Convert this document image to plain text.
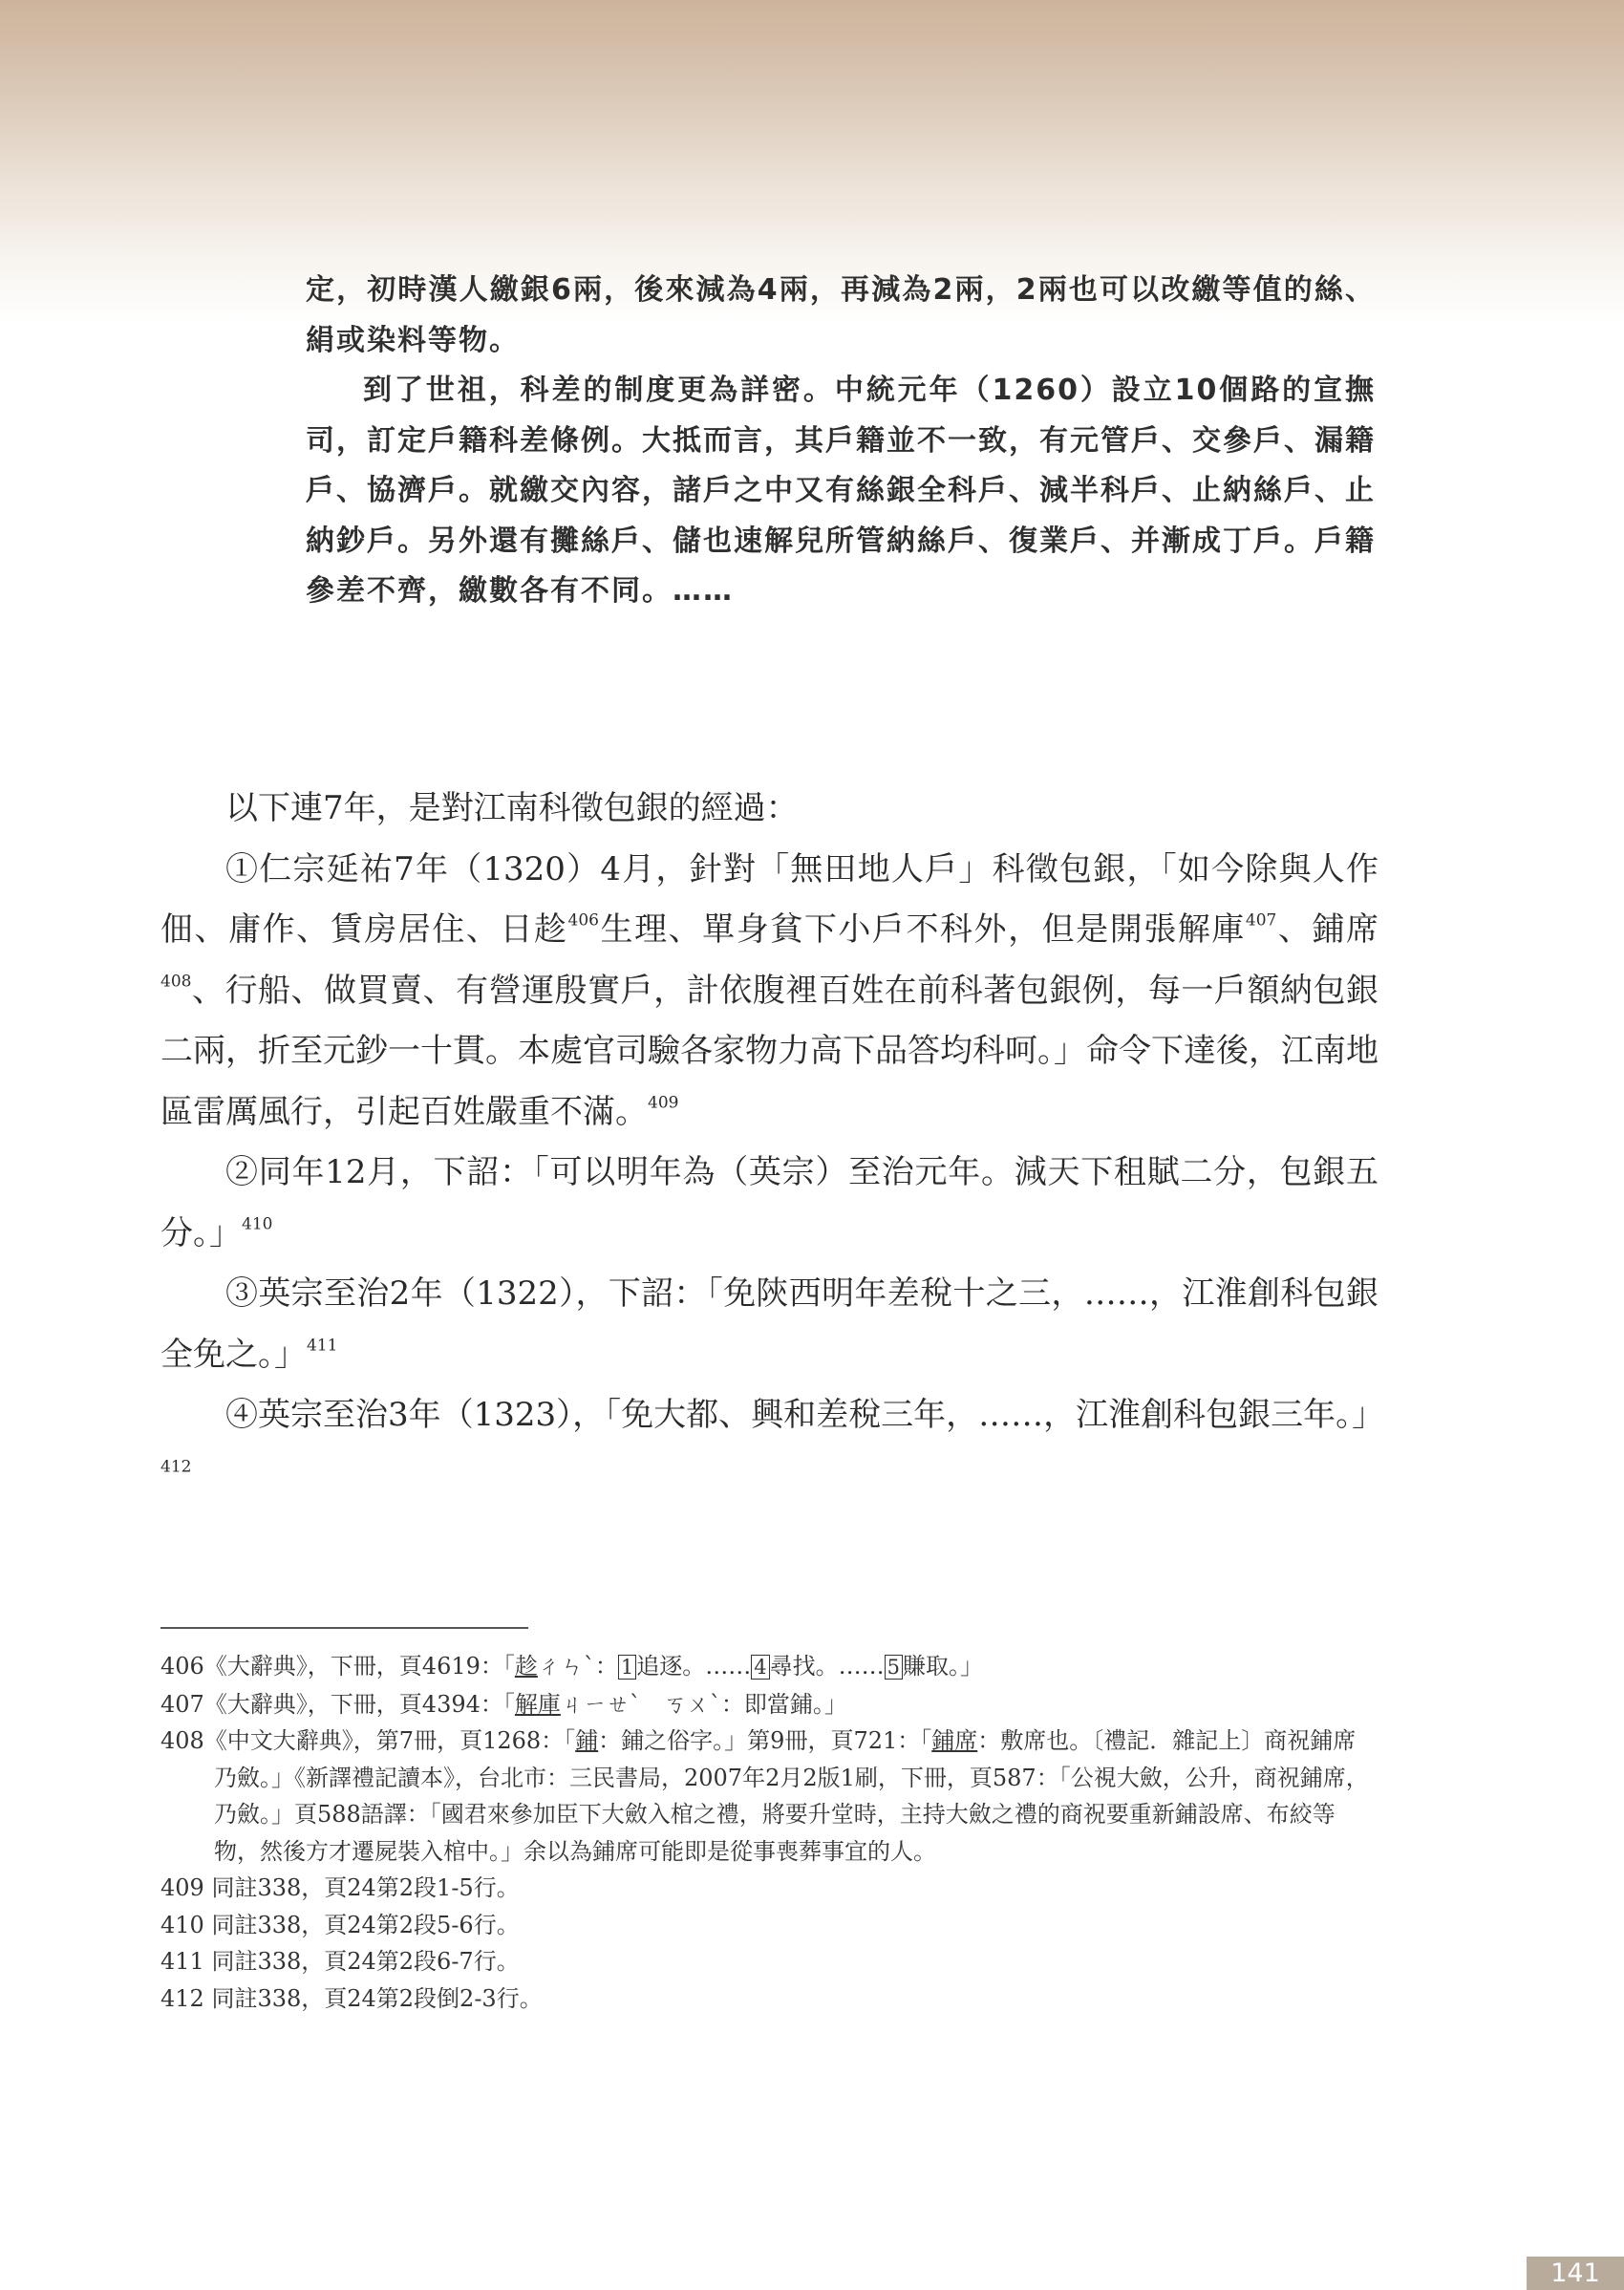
定，初時漢人繳銀6兩，後來減為4兩，再減為2兩，2兩也可以改繳等值的絲、絹或染料等物。

到了世祖，科差的制度更為詳密。中統元年（1260）設立10個路的宣撫司，訂定戶籍科差條例。大抵而言，其戶籍並不一致，有元管戶、交參戶、漏籍戶、協濟戶。就繳交內容，諸戶之中又有絲銀全科戶、減半科戶、止納絲戶、止納鈔戶。另外還有攤絲戶、儲也速解兒所管納絲戶、復業戶、并漸成丁戶。戶籍參差不齊，繳數各有不同。……

以下連7年，是對江南科徵包銀的經過：

①仁宗延祐7年（1320）4月，針對「無田地人戶」科徵包銀，「如今除與人作佃、庸作、賃房居住、日趁$^{406}$生理、單身貧下小戶不科外，但是開張解庫$^{407}$、鋪席$^{408}$、行船、做買賣、有營運殷實戶，計依腹裡百姓在前科著包銀例，每一戶額納包銀二兩，折至元鈔一十貫。本處官司驗各家物力高下品答均科呵。」命令下達後，江南地區雷厲風行，引起百姓嚴重不滿。$^{409}$

②同年12月，下詔：「可以明年為（英宗）至治元年。減天下租賦二分，包銀五分。」$^{410}$

③英宗至治2年（1322），下詔：「免陝西明年差稅十之三，……，江淮創科包銀全免之。」$^{411}$

④英宗至治3年（1323），「免大都、興和差稅三年，……，江淮創科包銀三年。」$^{412}$

406《大辭典》，下冊，頁4619：「趁ㄔㄣˋ： 1 追逐。…… 4 尋找。…… 5 賺取。」

407《大辭典》，下冊，頁4394：「解庫ㄐㄧㄝˋ　ㄎㄨˋ：即當鋪。」

408《中文大辭典》，第7冊，頁1268：「鋪：鋪之俗字。」第9冊，頁721：「鋪席：敷席也。〔禮記．雜記上〕商祝鋪席乃斂。」《新譯禮記讀本》，台北市：三民書局，2007年2月2版1刷，下冊，頁587：「公視大斂，公升，商祝鋪席，乃斂。」頁588語譯：「國君來參加臣下大斂入棺之禮，將要升堂時，主持大斂之禮的商祝要重新鋪設席、布絞等物，然後方才遷屍裝入棺中。」余以為鋪席可能即是從事喪葬事宜的人。

409 同註338，頁24第2段1-5行。

410 同註338，頁24第2段5-6行。

411 同註338，頁24第2段6-7行。

412 同註338，頁24第2段倒2-3行。

141
